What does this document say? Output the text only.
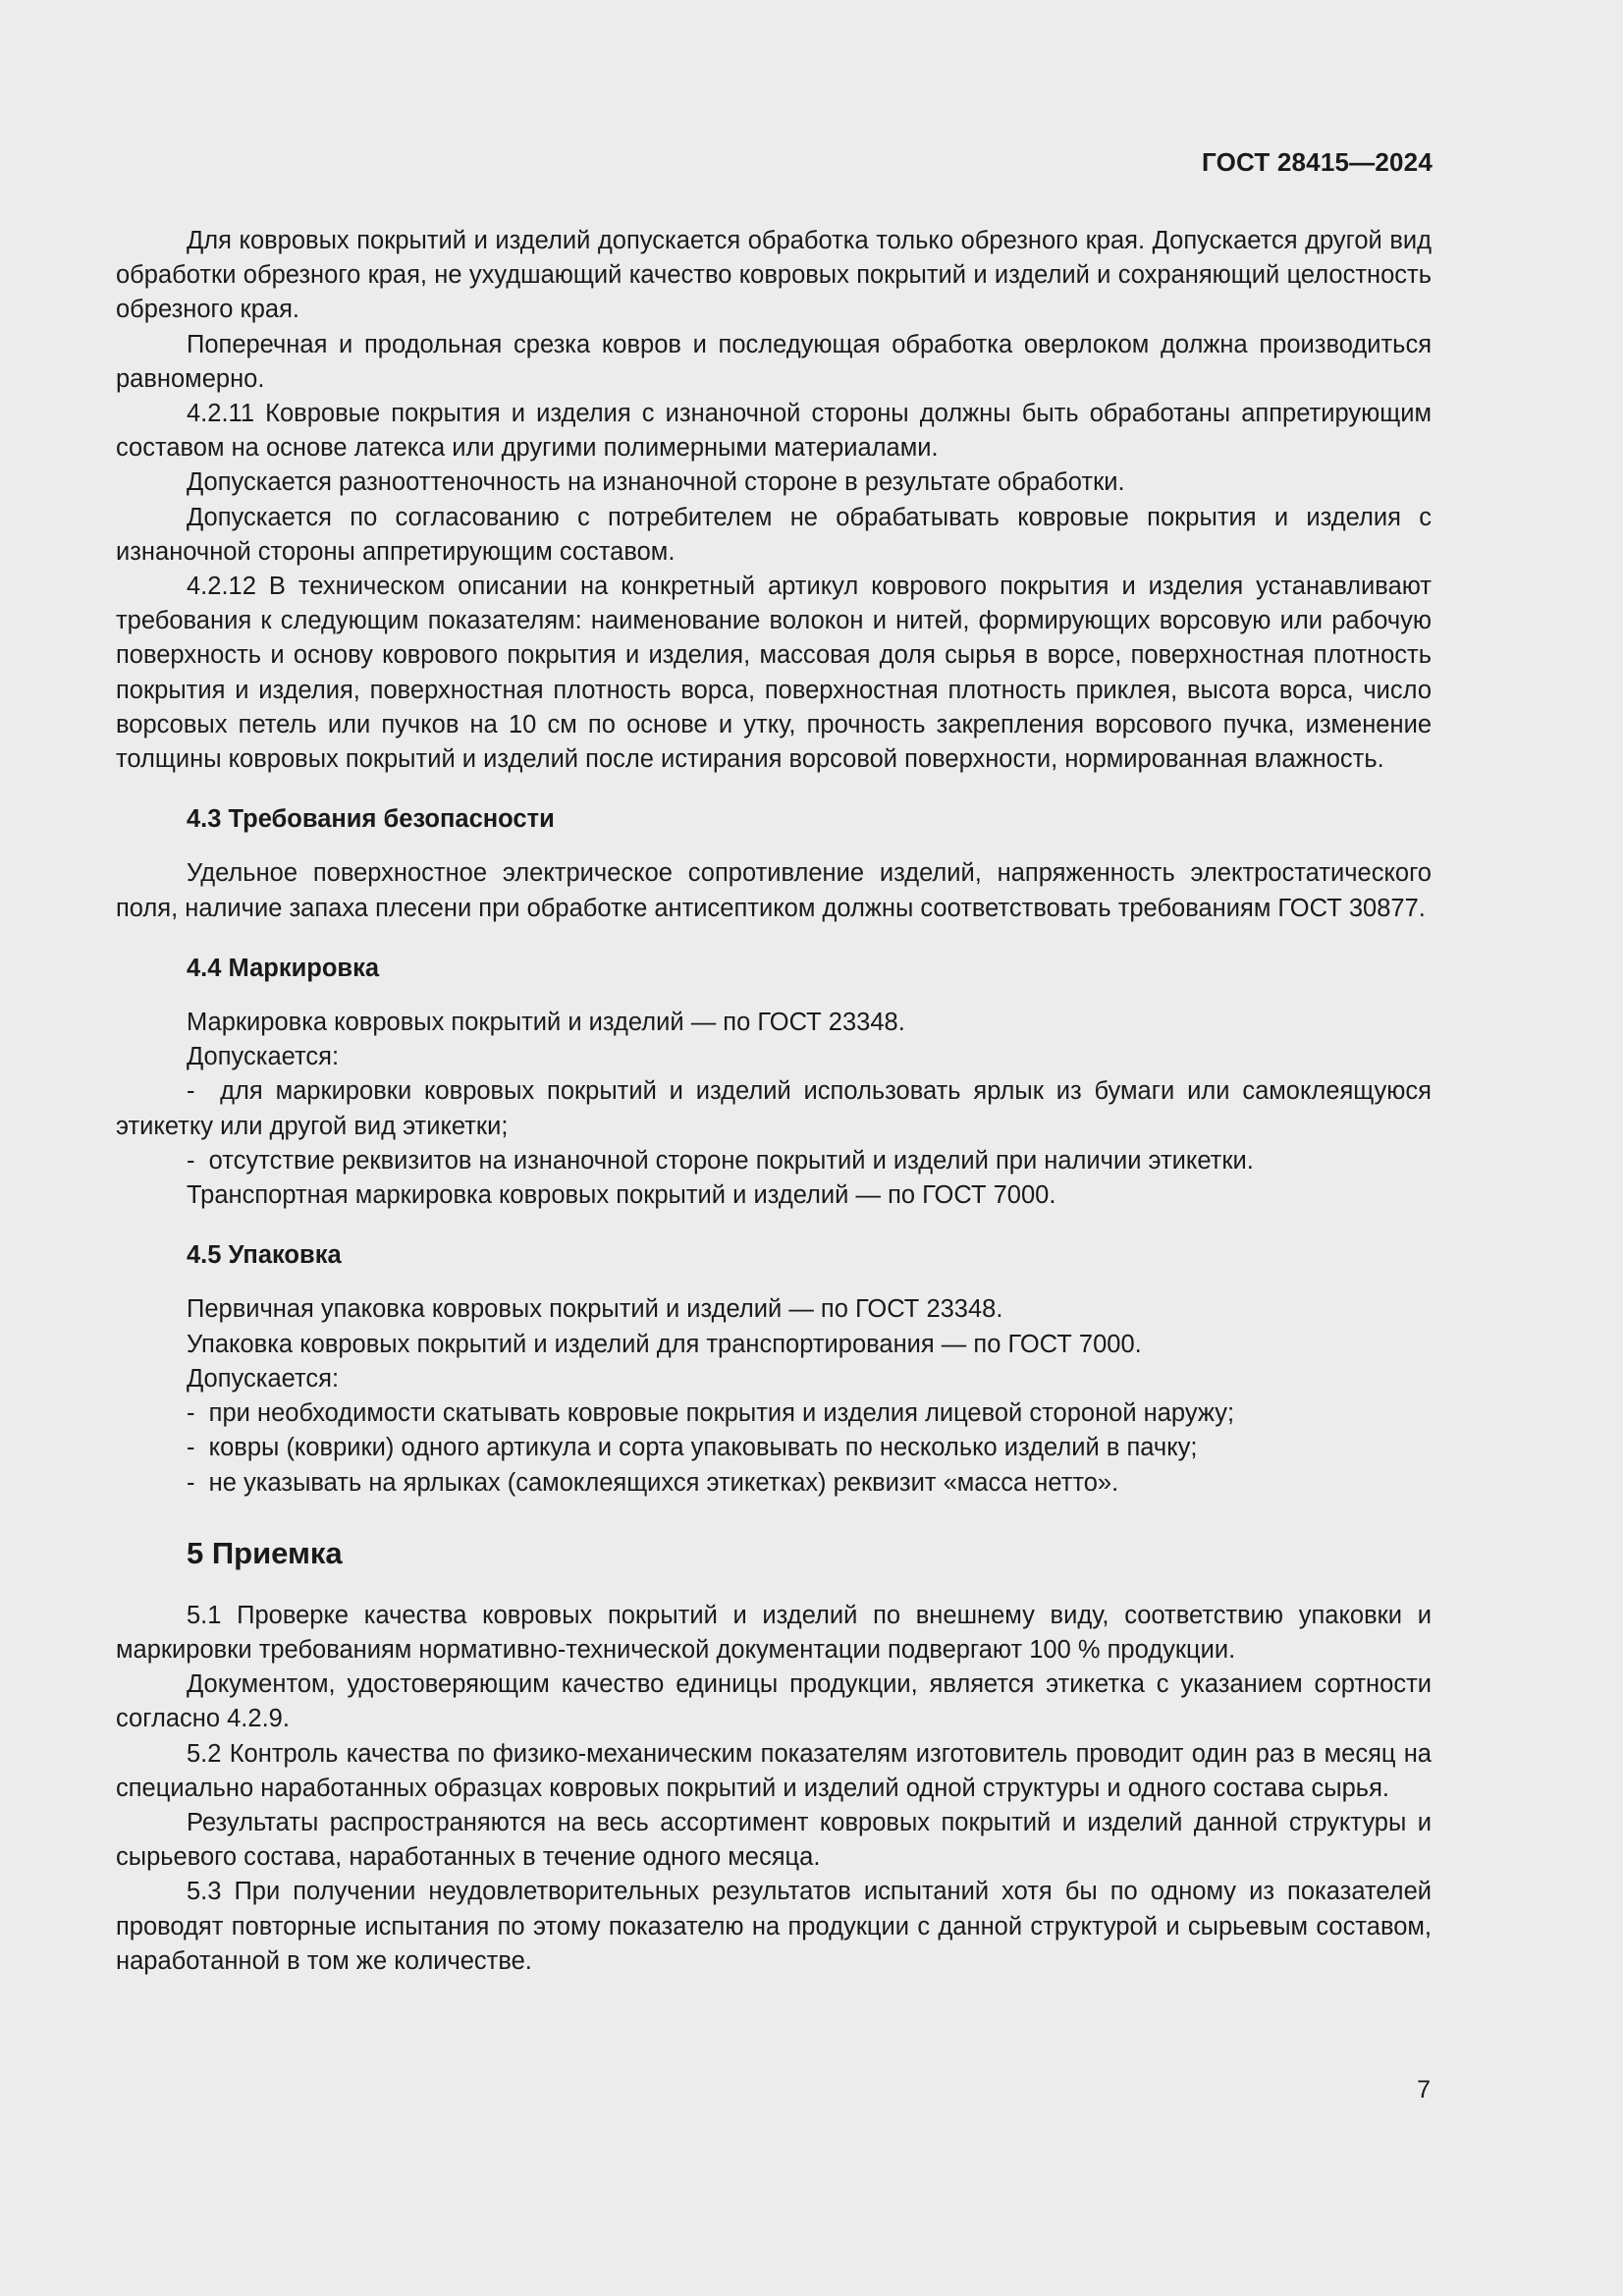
ГОСТ 28415—2024

Для ковровых покрытий и изделий допускается обработка только обрезного края. Допускается другой вид обработки обрезного края, не ухудшающий качество ковровых покрытий и изделий и сохраняющий целостность обрезного края.

Поперечная и продольная срезка ковров и последующая обработка оверлоком должна производиться равномерно.

4.2.11 Ковровые покрытия и изделия с изнаночной стороны должны быть обработаны аппретирующим составом на основе латекса или другими полимерными материалами.

Допускается разнооттеночность на изнаночной стороне в результате обработки.

Допускается по согласованию с потребителем не обрабатывать ковровые покрытия и изделия с изнаночной стороны аппретирующим составом.

4.2.12 В техническом описании на конкретный артикул коврового покрытия и изделия устанавливают требования к следующим показателям: наименование волокон и нитей, формирующих ворсовую или рабочую поверхность и основу коврового покрытия и изделия, массовая доля сырья в ворсе, поверхностная плотность покрытия и изделия, поверхностная плотность ворса, поверхностная плотность приклея, высота ворса, число ворсовых петель или пучков на 10 см по основе и утку, прочность закрепления ворсового пучка, изменение толщины ковровых покрытий и изделий после истирания ворсовой поверхности, нормированная влажность.

4.3 Требования безопасности

Удельное поверхностное электрическое сопротивление изделий, напряженность электростатического поля, наличие запаха плесени при обработке антисептиком должны соответствовать требованиям ГОСТ 30877.

4.4 Маркировка

Маркировка ковровых покрытий и изделий — по ГОСТ 23348.

Допускается:

-  для маркировки ковровых покрытий и изделий использовать ярлык из бумаги или самоклеящуюся этикетку или другой вид этикетки;
-  отсутствие реквизитов на изнаночной стороне покрытий и изделий при наличии этикетки.

Транспортная маркировка ковровых покрытий и изделий — по ГОСТ 7000.

4.5 Упаковка

Первичная упаковка ковровых покрытий и изделий — по ГОСТ 23348.

Упаковка ковровых покрытий и изделий для транспортирования — по ГОСТ 7000.

Допускается:

-  при необходимости скатывать ковровые покрытия и изделия лицевой стороной наружу;
-  ковры (коврики) одного артикула и сорта упаковывать по несколько изделий в пачку;
-  не указывать на ярлыках (самоклеящихся этикетках) реквизит «масса нетто».
5 Приемка

5.1 Проверке качества ковровых покрытий и изделий по внешнему виду, соответствию упаковки и маркировки требованиям нормативно-технической документации подвергают 100 % продукции.

Документом, удостоверяющим качество единицы продукции, является этикетка с указанием сортности согласно 4.2.9.

5.2 Контроль качества по физико-механическим показателям изготовитель проводит один раз в месяц на специально наработанных образцах ковровых покрытий и изделий одной структуры и одного состава сырья.

Результаты распространяются на весь ассортимент ковровых покрытий и изделий данной структуры и сырьевого состава, наработанных в течение одного месяца.

5.3 При получении неудовлетворительных результатов испытаний хотя бы по одному из показателей проводят повторные испытания по этому показателю на продукции с данной структурой и сырьевым составом, наработанной в том же количестве.

7
